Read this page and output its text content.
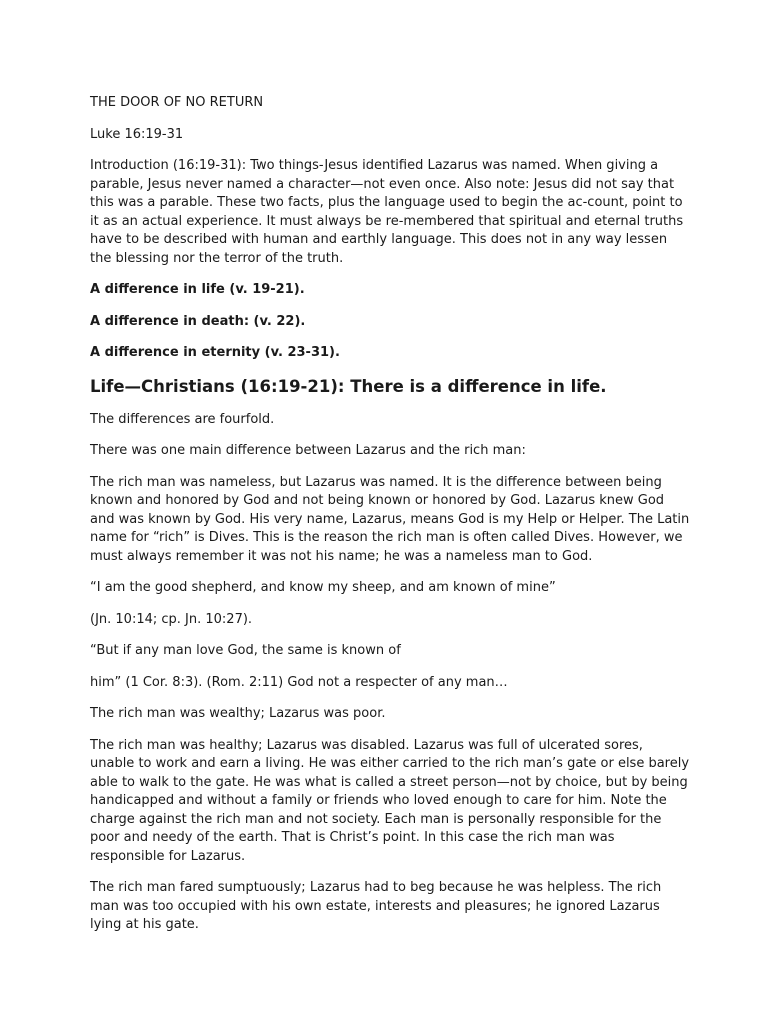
THE DOOR OF NO RETURN

Luke 16:19-31

Introduction (16:19-31): Two things-Jesus identified Lazarus was named. When giving a parable, Jesus never named a character—not even once. Also note: Jesus did not say that this was a parable. These two facts, plus the language used to begin the ac-count, point to it as an actual experience. It must always be re-membered that spiritual and eternal truths have to be described with human and earthly language. This does not in any way lessen the blessing nor the terror of the truth.

A difference in life (v. 19-21).

A difference in death: (v. 22).

A difference in eternity (v. 23-31).

Life—Christians (16:19-21): There is a difference in life.

The differences are fourfold.

There was one main difference between Lazarus and the rich man:

The rich man was nameless, but Lazarus was named. It is the difference between being known and honored by God and not being known or honored by God. Lazarus knew God and was known by God. His very name, Lazarus, means God is my Help or Helper. The Latin name for “rich” is Dives. This is the reason the rich man is often called Dives. However, we must always remember it was not his name; he was a nameless man to God.

“I am the good shepherd, and know my sheep, and am known of mine”

(Jn. 10:14; cp. Jn. 10:27).

“But if any man love God, the same is known of

him” (1 Cor. 8:3). (Rom. 2:11) God not a respecter of any man…

The rich man was wealthy; Lazarus was poor.

The rich man was healthy; Lazarus was disabled. Lazarus was full of ulcerated sores, unable to work and earn a living. He was either carried to the rich man’s gate or else barely able to walk to the gate. He was what is called a street person—not by choice, but by being handicapped and without a family or friends who loved enough to care for him. Note the charge against the rich man and not society. Each man is personally responsible for the poor and needy of the earth. That is Christ’s point. In this case the rich man was responsible for Lazarus.

The rich man fared sumptuously; Lazarus had to beg because he was helpless. The rich man was too occupied with his own estate, interests and pleasures; he ignored Lazarus lying at his gate.
